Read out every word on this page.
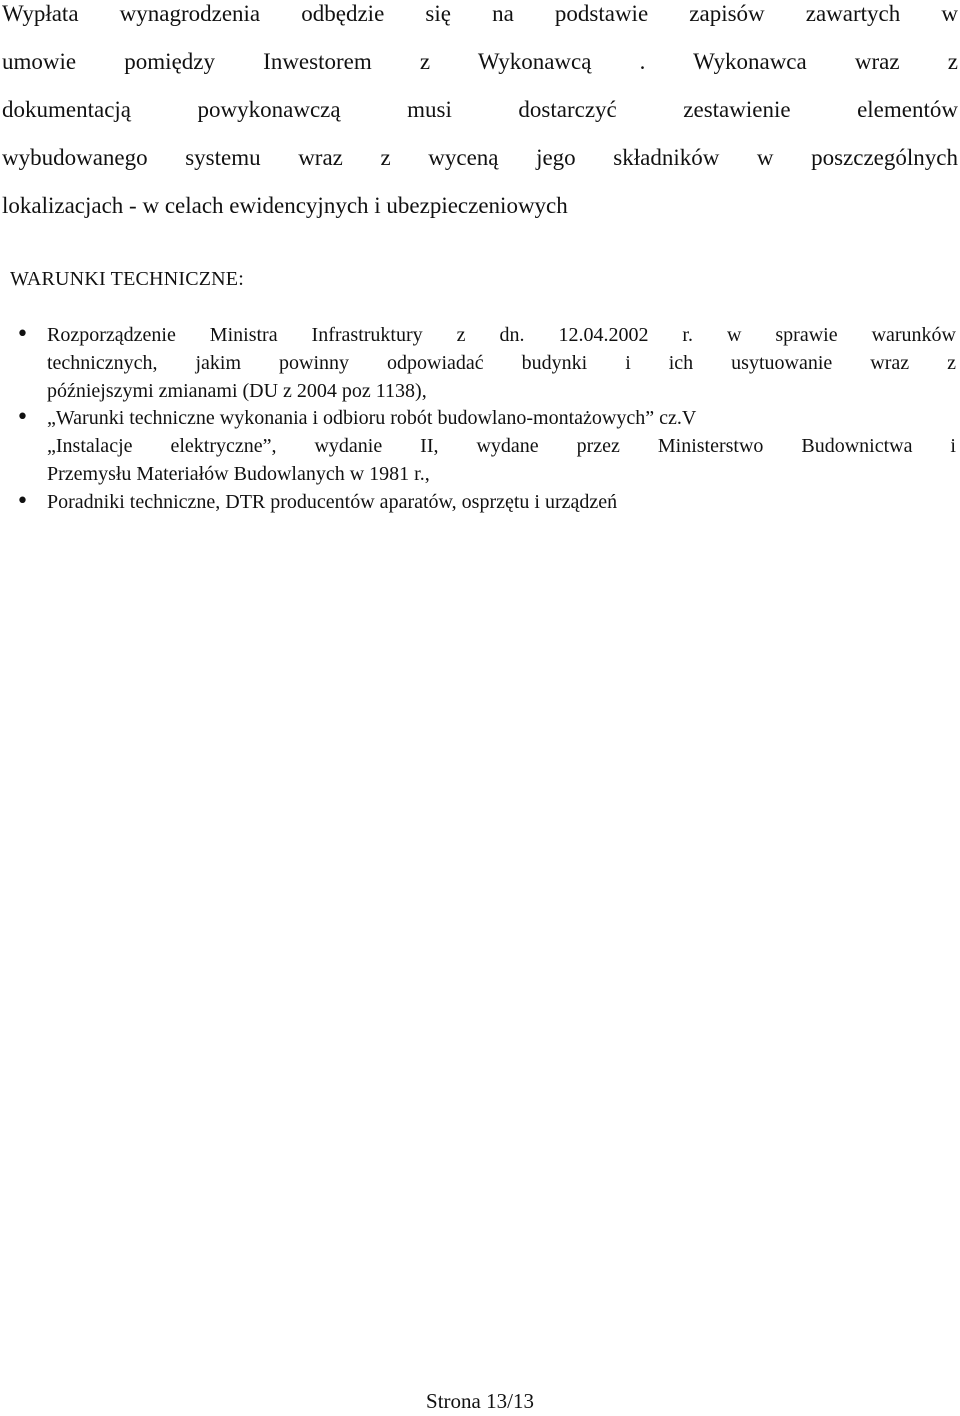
Wypłata wynagrodzenia odbędzie się na podstawie zapisów zawartych w
umowie pomiędzy Inwestorem z Wykonawcą . Wykonawca wraz z
dokumentacją powykonawczą musi dostarczyć zestawienie elementów
wybudowanego systemu wraz z wyceną jego składników w poszczególnych
lokalizacjach - w celach ewidencyjnych i ubezpieczeniowych
WARUNKI TECHNICZNE:
• Rozporządzenie Ministra Infrastruktury z dn. 12.04.2002 r. w sprawie warunków
technicznych, jakim powinny odpowiadać budynki i ich usytuowanie wraz z
późniejszymi zmianami (DU z 2004 poz 1138),
• „Warunki techniczne wykonania i odbioru robót budowlano-montażowych” cz.V
„Instalacje elektryczne”, wydanie II, wydane przez Ministerstwo Budownictwa i
Przemysłu Materiałów Budowlanych w 1981 r.,
• Poradniki techniczne, DTR producentów aparatów, osprzętu i urządzeń
Strona 13/13
